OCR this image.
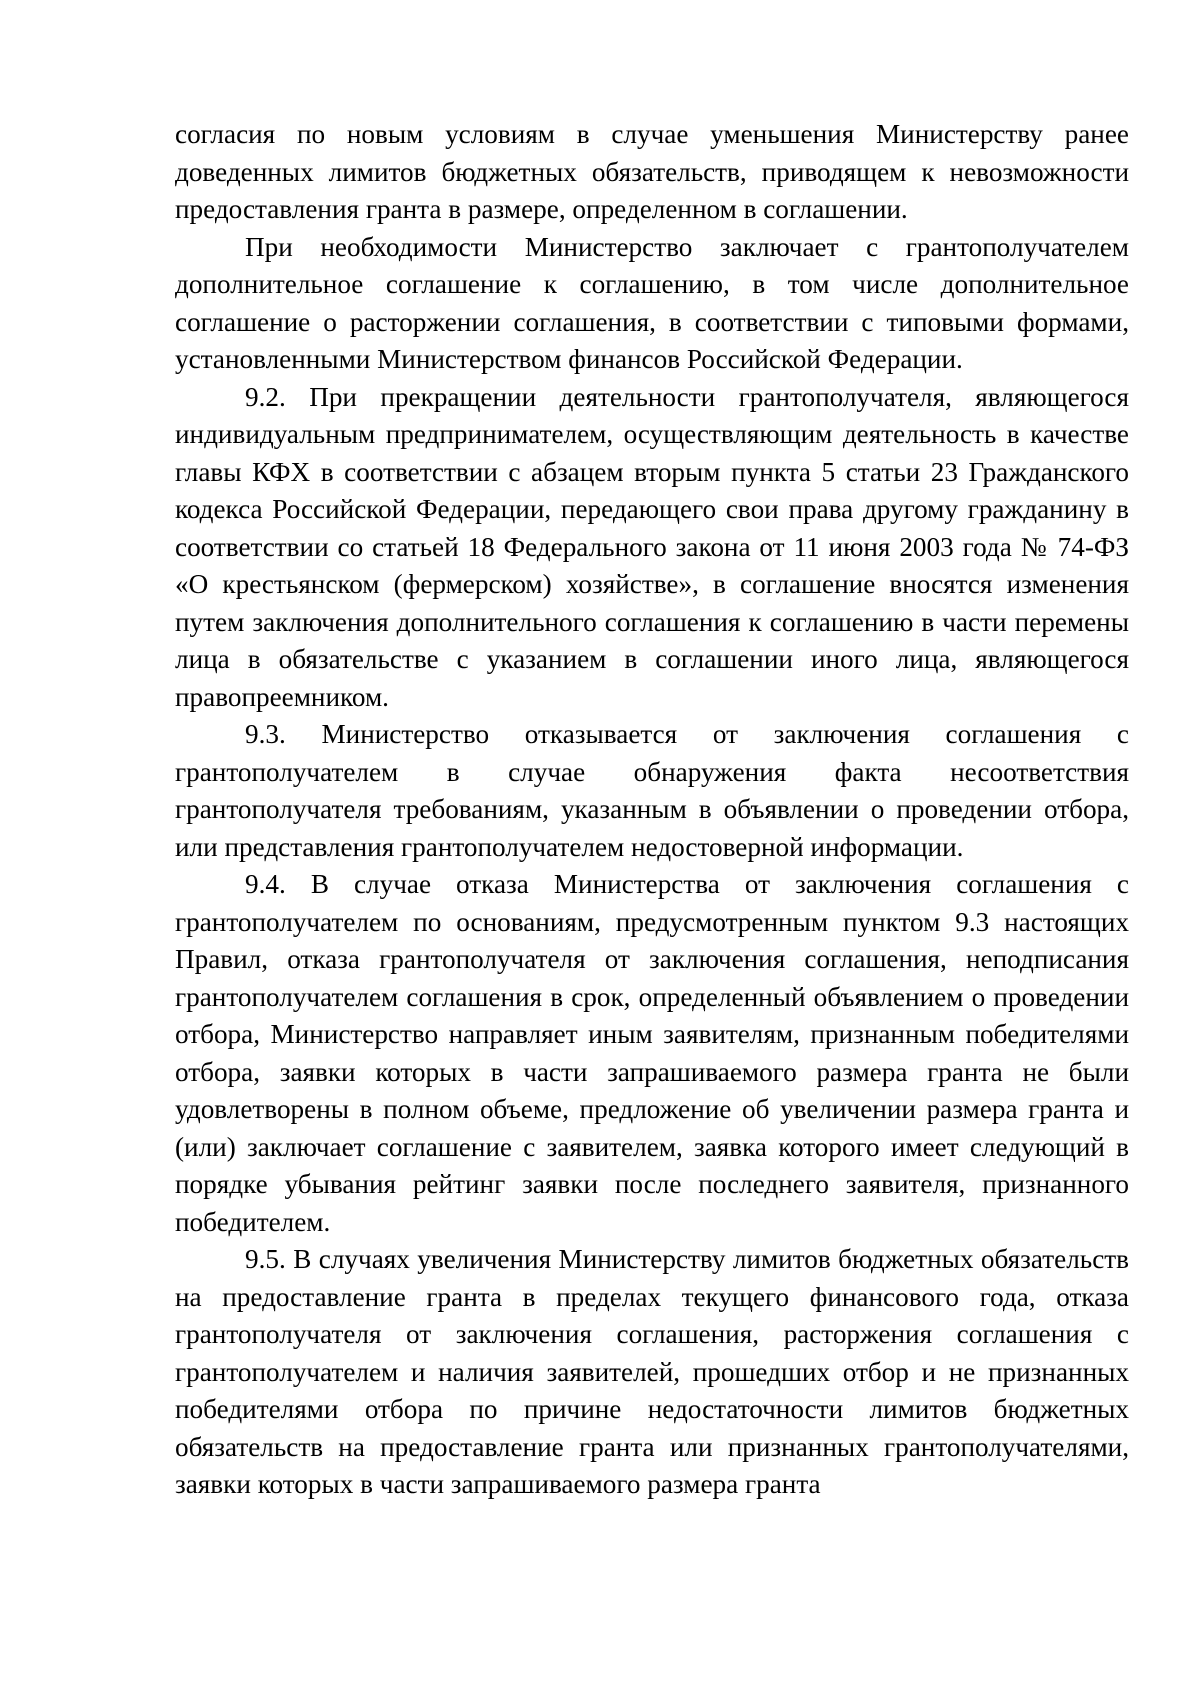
согласия по новым условиям в случае уменьшения Министерству ранее доведенных лимитов бюджетных обязательств, приводящем к невозможности предоставления гранта в размере, определенном в соглашении.

При необходимости Министерство заключает с грантополучателем дополнительное соглашение к соглашению, в том числе дополнительное соглашение о расторжении соглашения, в соответствии с типовыми формами, установленными Министерством финансов Российской Федерации.

9.2. При прекращении деятельности грантополучателя, являющегося индивидуальным предпринимателем, осуществляющим деятельность в качестве главы КФХ в соответствии с абзацем вторым пункта 5 статьи 23 Гражданского кодекса Российской Федерации, передающего свои права другому гражданину в соответствии со статьей 18 Федерального закона от 11 июня 2003 года № 74-ФЗ «О крестьянском (фермерском) хозяйстве», в соглашение вносятся изменения путем заключения дополнительного соглашения к соглашению в части перемены лица в обязательстве с указанием в соглашении иного лица, являющегося правопреемником.

9.3. Министерство отказывается от заключения соглашения с грантополучателем в случае обнаружения факта несоответствия грантополучателя требованиям, указанным в объявлении о проведении отбора, или представления грантополучателем недостоверной информации.

9.4. В случае отказа Министерства от заключения соглашения с грантополучателем по основаниям, предусмотренным пунктом 9.3 настоящих Правил, отказа грантополучателя от заключения соглашения, неподписания грантополучателем соглашения в срок, определенный объявлением о проведении отбора, Министерство направляет иным заявителям, признанным победителями отбора, заявки которых в части запрашиваемого размера гранта не были удовлетворены в полном объеме, предложение об увеличении размера гранта и (или) заключает соглашение с заявителем, заявка которого имеет следующий в порядке убывания рейтинг заявки после последнего заявителя, признанного победителем.

9.5. В случаях увеличения Министерству лимитов бюджетных обязательств на предоставление гранта в пределах текущего финансового года, отказа грантополучателя от заключения соглашения, расторжения соглашения с грантополучателем и наличия заявителей, прошедших отбор и не признанных победителями отбора по причине недостаточности лимитов бюджетных обязательств на предоставление гранта или признанных грантополучателями, заявки которых в части запрашиваемого размера гранта
